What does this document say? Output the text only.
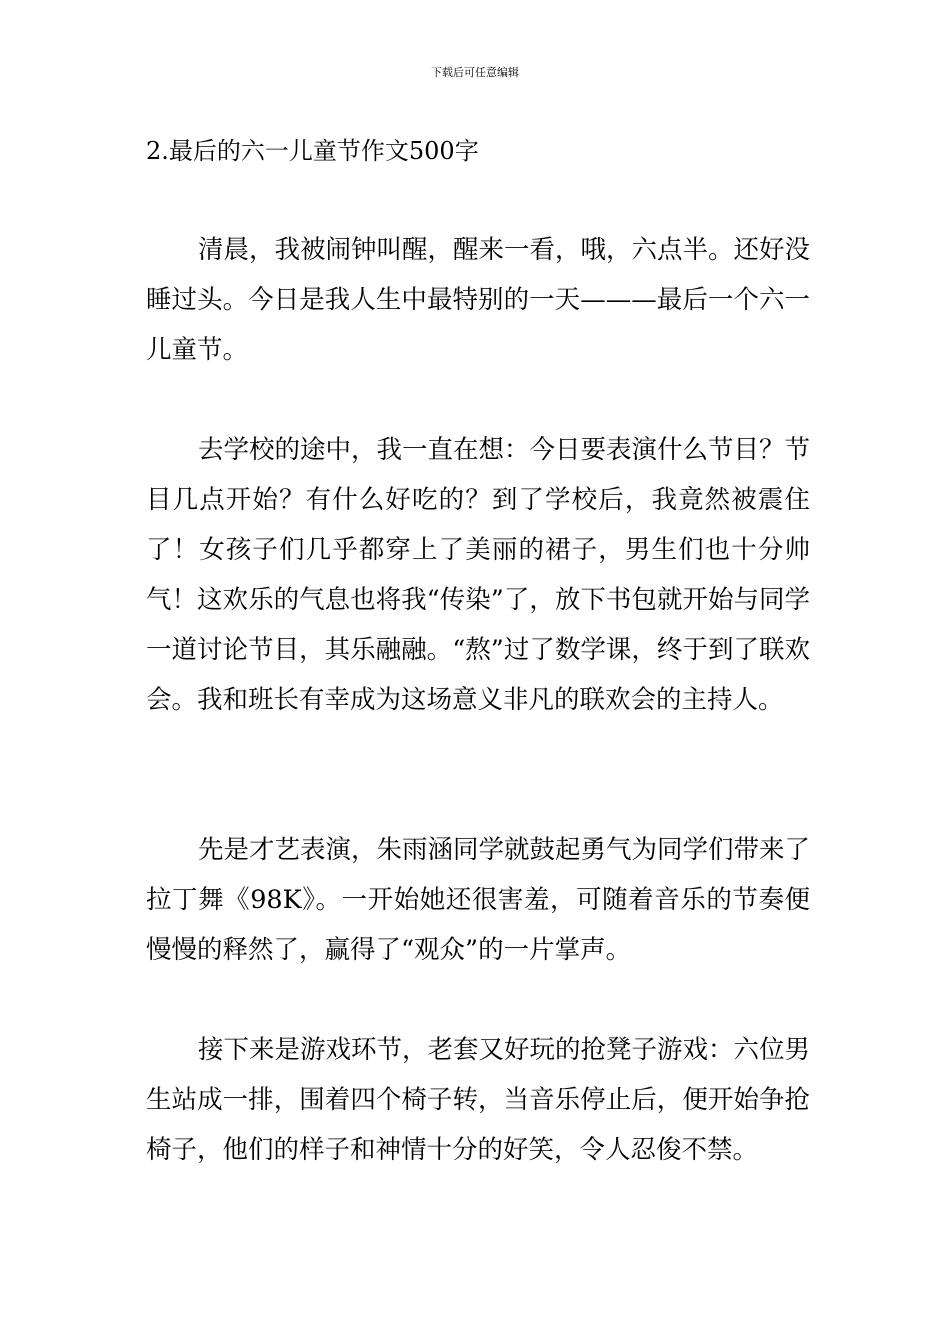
下载后可任意编辑
2.最后的六一儿童节作文500字

清晨，我被闹钟叫醒，醒来一看，哦，六点半。还好没睡过头。今日是我人生中最特别的一天———最后一个六一儿童节。

去学校的途中，我一直在想：今日要表演什么节目？节目几点开始？有什么好吃的？到了学校后，我竟然被震住了！女孩子们几乎都穿上了美丽的裙子，男生们也十分帅气！这欢乐的气息也将我“传染”了，放下书包就开始与同学一道讨论节目，其乐融融。“熬”过了数学课，终于到了联欢会。我和班长有幸成为这场意义非凡的联欢会的主持人。

先是才艺表演，朱雨涵同学就鼓起勇气为同学们带来了拉丁舞《98K》。一开始她还很害羞，可随着音乐的节奏便慢慢的释然了，赢得了“观众”的一片掌声。

接下来是游戏环节，老套又好玩的抢凳子游戏：六位男生站成一排，围着四个椅子转，当音乐停止后，便开始争抢椅子，他们的样子和神情十分的好笑，令人忍俊不禁。
